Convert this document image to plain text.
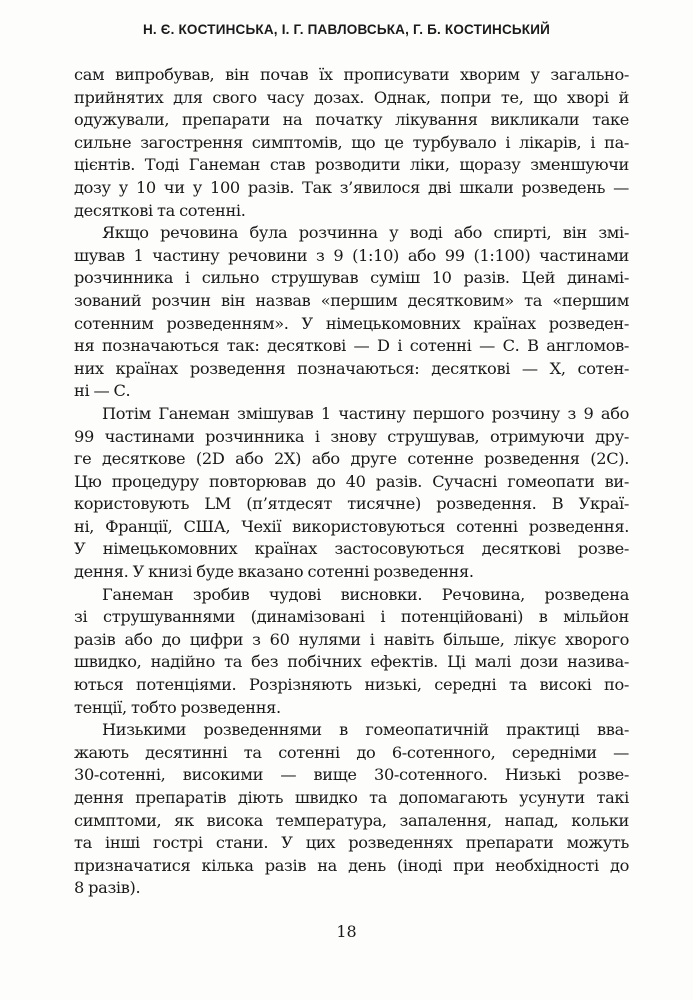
Н. Є. КОСТИНСЬКА, І. Г. ПАВЛОВСЬКА, Г. Б. КОСТИНСЬКИЙ

сам випробував, він почав їх прописувати хворим у загально-
прийнятих для свого часу дозах. Однак, попри те, що хворі й
одужували, препарати на початку лікування викликали таке
сильне загострення симптомів, що це турбувало і лікарів, і па-
цієнтів. Тоді Ганеман став розводити ліки, щоразу зменшуючи
дозу у 10 чи у 100 разів. Так з’явилося дві шкали розведень —
десяткові та сотенні.

Якщо речовина була розчинна у воді або спирті, він змі-
шував 1 частину речовини з 9 (1:10) або 99 (1:100) частинами
розчинника і сильно струшував суміш 10 разів. Цей динамі-
зований розчин він назвав «першим десятковим» та «першим
сотенним розведенням». У німецькомовних країнах розведен-
ня позначаються так: десяткові — D і сотенні — С. В англомов-
них країнах розведення позначаються: десяткові — Х, сотен-
ні — С.

Потім Ганеман змішував 1 частину першого розчину з 9 або
99 частинами розчинника і знову струшував, отримуючи дру-
ге десяткове (2D або 2X) або друге сотенне розведення (2С).
Цю процедуру повторював до 40 разів. Сучасні гомеопати ви-
користовують LM (п’ятдесят тисячне) розведення. В Украї-
ні, Франції, США, Чехії використовуються сотенні розведення.
У німецькомовних країнах застосовуються десяткові розве-
дення. У книзі буде вказано сотенні розведення.

Ганеман зробив чудові висновки. Речовина, розведена
зі струшуваннями (динамізовані і потенційовані) в мільйон
разів або до цифри з 60 нулями і навіть більше, лікує хворого
швидко, надійно та без побічних ефектів. Ці малі дози назива-
ються потенціями. Розрізняють низькі, середні та високі по-
тенції, тобто розведення.

Низькими розведеннями в гомеопатичній практиці вва-
жають десятинні та сотенні до 6-сотенного, середніми —
30-сотенні, високими — вище 30-сотенного. Низькі розве-
дення препаратів діють швидко та допомагають усунути такі
симптоми, як висока температура, запалення, напад, кольки
та інші гострі стани. У цих розведеннях препарати можуть
призначатися кілька разів на день (іноді при необхідності до
8 разів).

18
